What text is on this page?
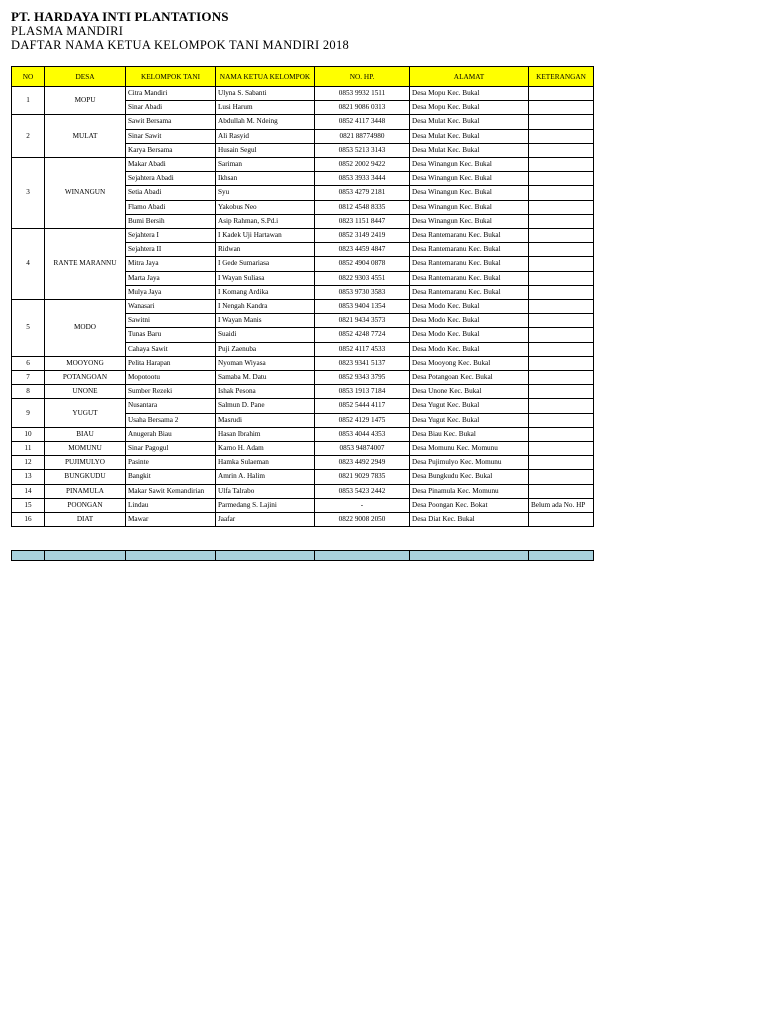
PT. HARDAYA INTI PLANTATIONS
PLASMA MANDIRI
DAFTAR NAMA KETUA KELOMPOK TANI MANDIRI 2018
NO	DESA	KELOMPOK TANI	NAMA KETUA KELOMPOK	NO. HP.	ALAMAT	KETERANGAN
1	MOPU	Citra Mandiri	Ulyna S. Sabanti	0853 9932 1511	Desa Mopu Kec. Bukal	
		Sinar Abadi	Lusi Harum	0821 9086 0313	Desa Mopu Kec. Bukal	
2	MULAT	Sawit Bersama	Abdullah M. Ndeing	0852 4117 3448	Desa Mulat Kec. Bukal	
		Sinar Sawit	Ali Rasyid	0821 88774980	Desa Mulat Kec. Bukal	
		Karya Bersama	Husain Segul	0853 5213 3143	Desa Mulat Kec. Bukal	
3	WINANGUN	Makar Abadi	Sariman	0852 2002 9422	Desa Winangun Kec. Bukal	
		Sejahtera Abadi	Ikhsan	0853 3933 3444	Desa Winangun Kec. Bukal	
		Setia Abadi	Syu	0853 4279 2181	Desa Winangun Kec. Bukal	
		Flamo Abadi	Yakobus Neo	0812 4548 8335	Desa Winangun Kec. Bukal	
		Bumi Bersih	Asip Rahman, S.Pd.i	0823 1151 8447	Desa Winangun Kec. Bukal	
4	RANTE MARANNU	Sejahtera I	I Kadek Uji Hartawan	0852 3149 2419	Desa Rantemaranu Kec. Bukal	
		Sejahtera II	Ridwan	0823 4459 4847	Desa Rantemaranu Kec. Bukal	
		Mitra Jaya	I Gede Sumariasa	0852 4904 0878	Desa Rantemaranu Kec. Bukal	
		Marta Jaya	I Wayan Suliasa	0822 9303 4551	Desa Rantemaranu Kec. Bukal	
		Mulya Jaya	I Komang Ardika	0853 9730 3583	Desa Rantemaranu Kec. Bukal	
5	MODO	Wanasari	I Nengah Kandra	0853 9404 1354	Desa Modo Kec. Bukal	
		Sawitni	I Wayan Manis	0821 9434 3573	Desa Modo Kec. Bukal	
		Tunas Baru	Suaidi	0852 4248 7724	Desa Modo Kec. Bukal	
		Cahaya Sawit	Puji Zaenuba	0852 4117 4533	Desa Modo Kec. Bukal	
6	MOOYONG	Pelita Harapan	Nyoman Wiyasa	0823 9341 5137	Desa Mooyong Kec. Bukal	
7	POTANGOAN	Mopotootu	Samaba M. Datu	0852 9343 3795	Desa Potangoan Kec. Bukal	
8	UNONE	Sumber Rezeki	Ishak Pesona	0853 1913 7184	Desa Unone Kec. Bukal	
9	YUGUT	Nusantara	Salmun D. Pane	0852 5444 4117	Desa Yugut Kec. Bukal	
		Usaha Bersama 2	Masrudi	0852 4129 1475	Desa Yugut Kec. Bukal	
10	BIAU	Anugerah Biau	Hasan Ibrahim	0853 4044 4353	Desa Biau Kec. Bukal	
11	MOMUNU	Sinar Pagogul	Karno H. Adam	0853 94874007	Desa Momunu Kec. Momunu	
12	PUJIMULYO	Pasinte	Hamka Sulaeman	0823 4492 2949	Desa Pujimulyo Kec. Momunu	
13	BUNGKUDU	Bangkit	Amrin A. Halim	0821 9029 7835	Desa Bungkudu Kec. Bukal	
14	PINAMULA	Makar Sawit Kemandirian	Ulfa Talrabo	0853 5423 2442	Desa Pinamula Kec. Momunu	
15	POONGAN	Lindau	Parmedang S. Lajini	-	Desa Poongan Kec. Bokat	Belum ada No. HP
16	DIAT	Mawar	Jaafar	0822 9008 2050	Desa Diat Kec. Bukal	
